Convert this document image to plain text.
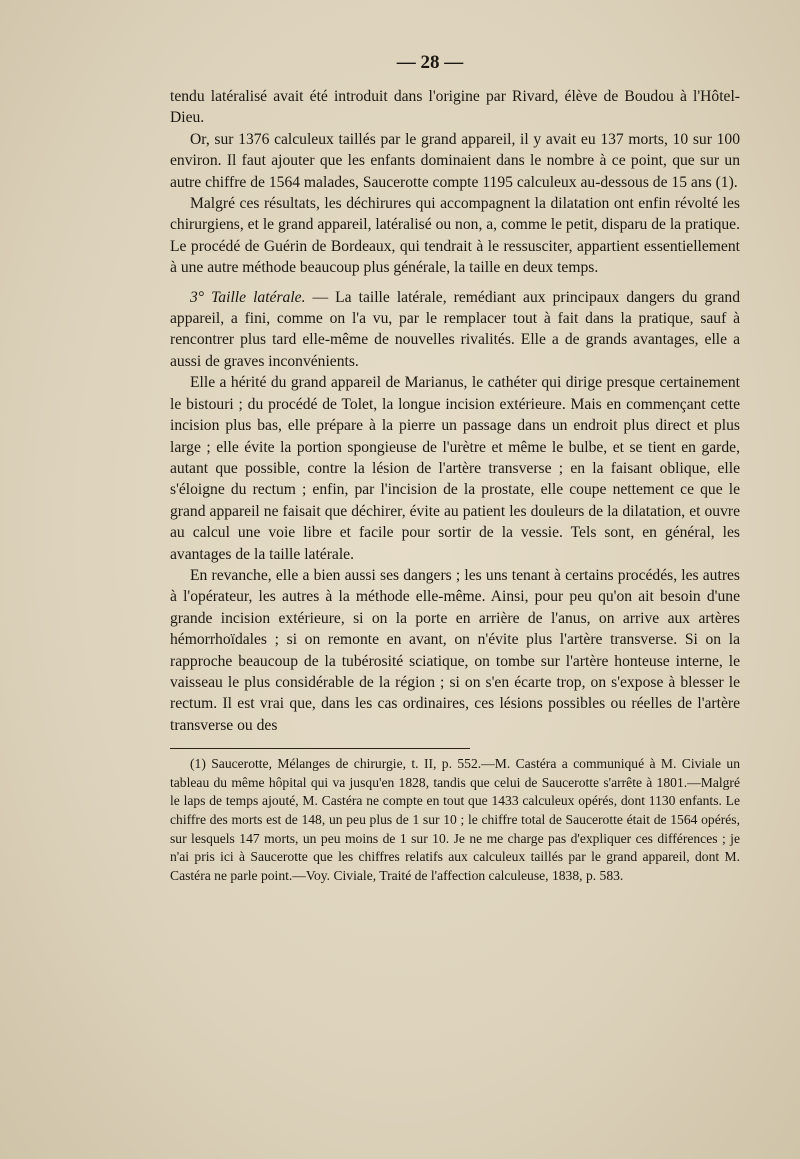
— 28 —

tendu latéralisé avait été introduit dans l'origine par Rivard, élève de Boudou à l'Hôtel-Dieu.

Or, sur 1376 calculeux taillés par le grand appareil, il y avait eu 137 morts, 10 sur 100 environ. Il faut ajouter que les enfants dominaient dans le nombre à ce point, que sur un autre chiffre de 1564 malades, Saucerotte compte 1195 calculeux au-dessous de 15 ans (1).

Malgré ces résultats, les déchirures qui accompagnent la dilatation ont enfin révolté les chirurgiens, et le grand appareil, latéralisé ou non, a, comme le petit, disparu de la pratique. Le procédé de Guérin de Bordeaux, qui tendrait à le ressusciter, appartient essentiellement à une autre méthode beaucoup plus générale, la taille en deux temps.

3° Taille latérale. — La taille latérale, remédiant aux principaux dangers du grand appareil, a fini, comme on l'a vu, par le remplacer tout à fait dans la pratique, sauf à rencontrer plus tard elle-même de nouvelles rivalités. Elle a de grands avantages, elle a aussi de graves inconvénients.

Elle a hérité du grand appareil de Marianus, le cathéter qui dirige presque certainement le bistouri ; du procédé de Tolet, la longue incision extérieure. Mais en commençant cette incision plus bas, elle prépare à la pierre un passage dans un endroit plus direct et plus large ; elle évite la portion spongieuse de l'urètre et même le bulbe, et se tient en garde, autant que possible, contre la lésion de l'artère transverse ; en la faisant oblique, elle s'éloigne du rectum ; enfin, par l'incision de la prostate, elle coupe nettement ce que le grand appareil ne faisait que déchirer, évite au patient les douleurs de la dilatation, et ouvre au calcul une voie libre et facile pour sortir de la vessie. Tels sont, en général, les avantages de la taille latérale.

En revanche, elle a bien aussi ses dangers ; les uns tenant à certains procédés, les autres à l'opérateur, les autres à la méthode elle-même. Ainsi, pour peu qu'on ait besoin d'une grande incision extérieure, si on la porte en arrière de l'anus, on arrive aux artères hémorrhoïdales ; si on remonte en avant, on n'évite plus l'artère transverse. Si on la rapproche beaucoup de la tubérosité sciatique, on tombe sur l'artère honteuse interne, le vaisseau le plus considérable de la région ; si on s'en écarte trop, on s'expose à blesser le rectum. Il est vrai que, dans les cas ordinaires, ces lésions possibles ou réelles de l'artère transverse ou des

(1) Saucerotte, Mélanges de chirurgie, t. II, p. 552.—M. Castéra a communiqué à M. Civiale un tableau du même hôpital qui va jusqu'en 1828, tandis que celui de Saucerotte s'arrête à 1801.—Malgré le laps de temps ajouté, M. Castéra ne compte en tout que 1433 calculeux opérés, dont 1130 enfants. Le chiffre des morts est de 148, un peu plus de 1 sur 10 ; le chiffre total de Saucerotte était de 1564 opérés, sur lesquels 147 morts, un peu moins de 1 sur 10. Je ne me charge pas d'expliquer ces différences ; je n'ai pris ici à Saucerotte que les chiffres relatifs aux calculeux taillés par le grand appareil, dont M. Castéra ne parle point.—Voy. Civiale, Traité de l'affection calculeuse, 1838, p. 583.
